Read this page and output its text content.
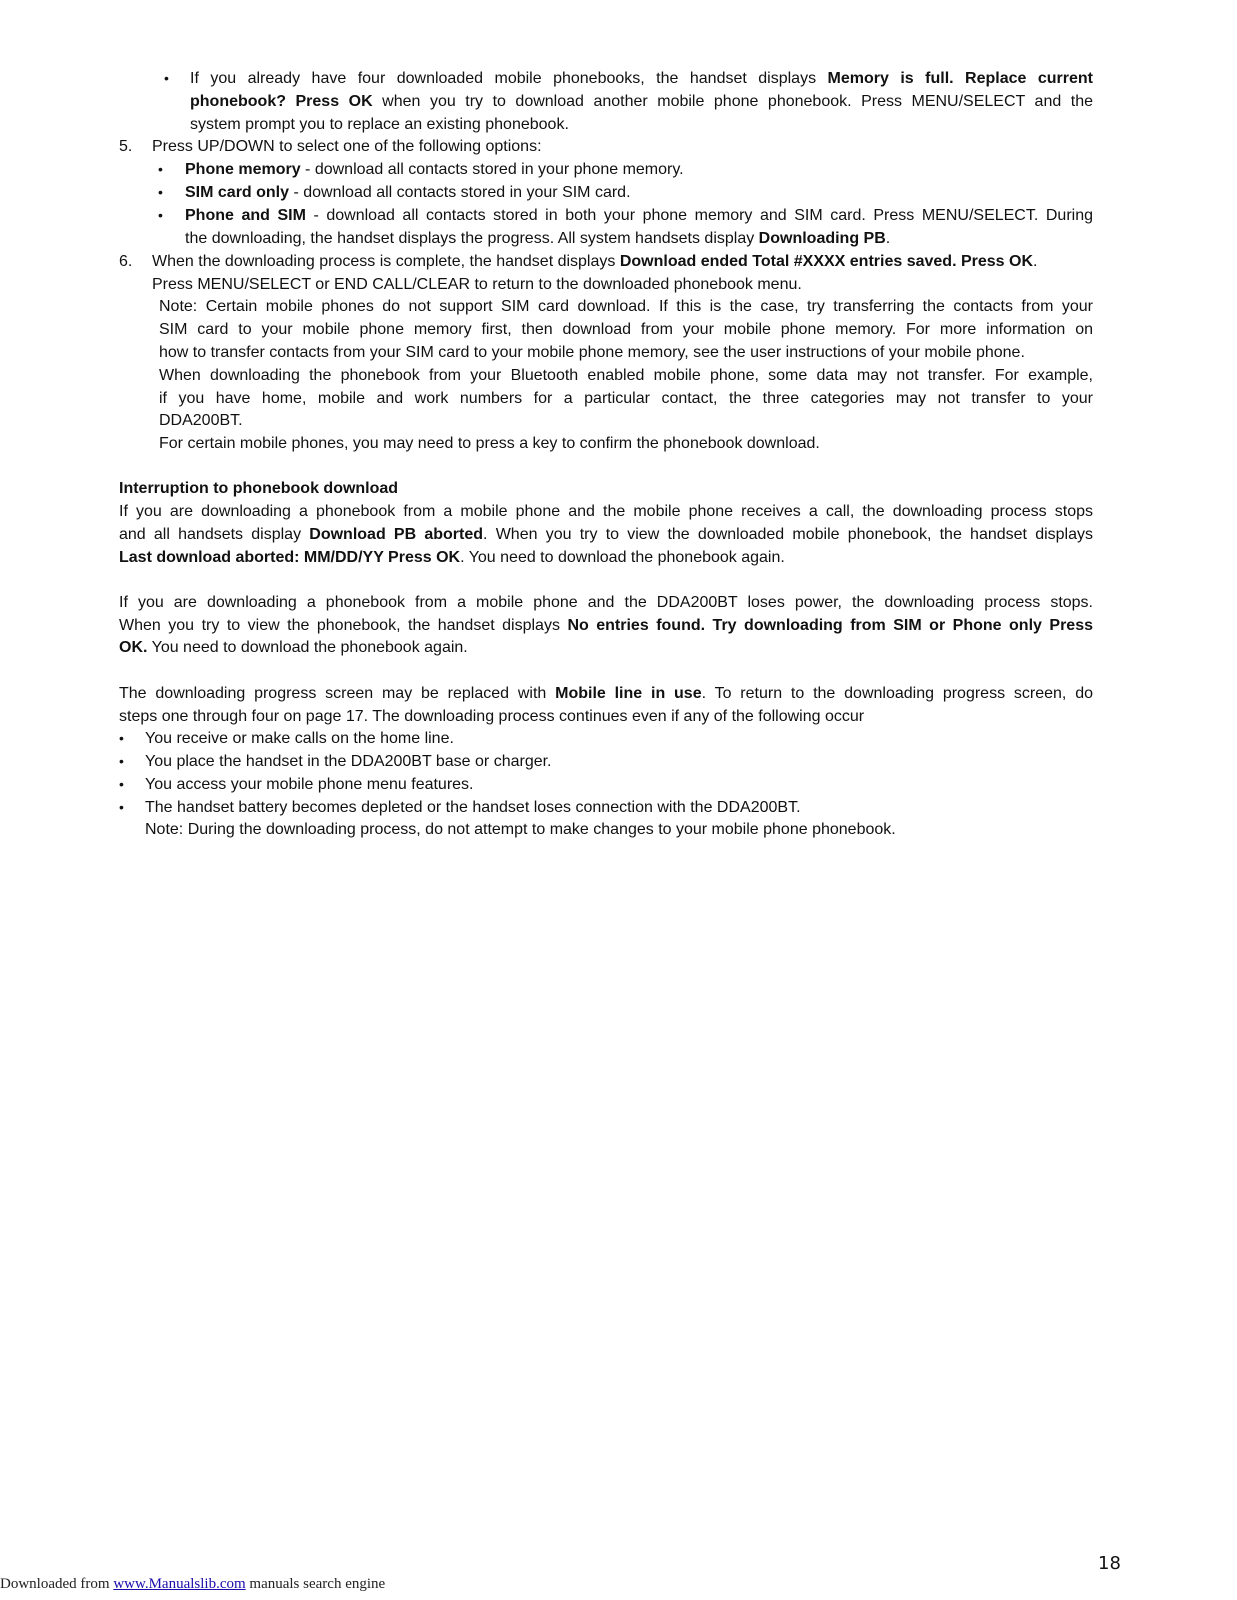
• If you already have four downloaded mobile phonebooks, the handset displays Memory is full. Replace current
phonebook? Press OK when you try to download another mobile phone phonebook. Press MENU/SELECT and the
system prompt you to replace an existing phonebook.
5. Press UP/DOWN to select one of the following options:
• Phone memory - download all contacts stored in your phone memory.
• SIM card only - download all contacts stored in your SIM card.
• Phone and SIM - download all contacts stored in both your phone memory and SIM card. Press MENU/SELECT. During
the downloading, the handset displays the progress. All system handsets display Downloading PB.
6. When the downloading process is complete, the handset displays Download ended Total #XXXX entries saved. Press OK.
Press MENU/SELECT or END CALL/CLEAR to return to the downloaded phonebook menu.
Note: Certain mobile phones do not support SIM card download. If this is the case, try transferring the contacts from your
SIM card to your mobile phone memory first, then download from your mobile phone memory. For more information on
how to transfer contacts from your SIM card to your mobile phone memory, see the user instructions of your mobile phone.
When downloading the phonebook from your Bluetooth enabled mobile phone, some data may not transfer. For example,
if you have home, mobile and work numbers for a particular contact, the three categories may not transfer to your
DDA200BT.
For certain mobile phones, you may need to press a key to confirm the phonebook download.
Interruption to phonebook download
If you are downloading a phonebook from a mobile phone and the mobile phone receives a call, the downloading process stops
and all handsets display Download PB aborted. When you try to view the downloaded mobile phonebook, the handset displays
Last download aborted: MM/DD/YY Press OK. You need to download the phonebook again.
If you are downloading a phonebook from a mobile phone and the DDA200BT loses power, the downloading process stops.
When you try to view the phonebook, the handset displays No entries found. Try downloading from SIM or Phone only Press
OK. You need to download the phonebook again.
The downloading progress screen may be replaced with Mobile line in use. To return to the downloading progress screen, do
steps one through four on page 17. The downloading process continues even if any of the following occur
• You receive or make calls on the home line.
• You place the handset in the DDA200BT base or charger.
• You access your mobile phone menu features.
• The handset battery becomes depleted or the handset loses connection with the DDA200BT.
Note: During the downloading process, do not attempt to make changes to your mobile phone phonebook.
18
Downloaded from www.Manualslib.com manuals search engine
